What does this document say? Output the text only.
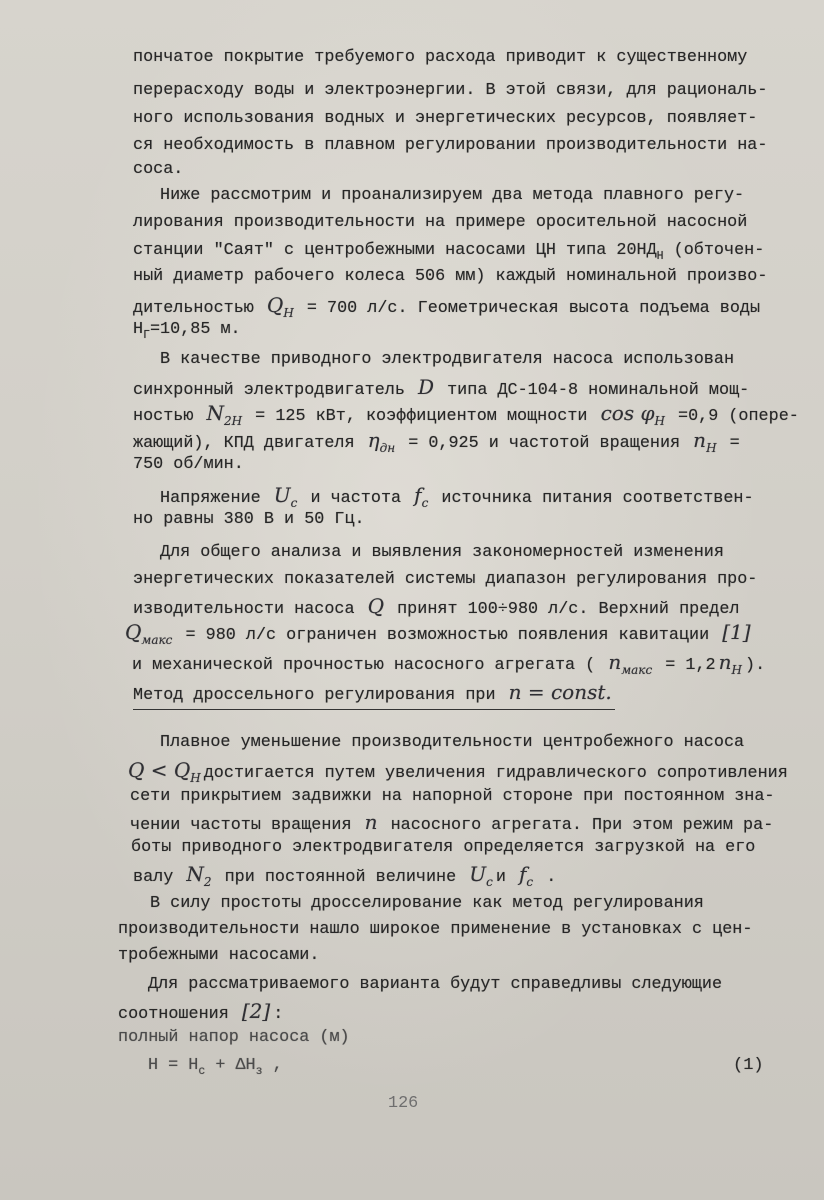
пончатое покрытие требуемого расхода приводит к существенному
перерасходу воды и электроэнергии. В этой связи, для рациональ-
ного использования водных и энергетических ресурсов, появляет-
ся необходимость в плавном регулировании производительности на-
соса.
Ниже рассмотрим и проанализируем два метода плавного регу-
лирования производительности на примере оросительной насосной
станции "Саят" с центробежными насосами ЦН типа $20НД_Н$ (обточен-
ный диаметр рабочего колеса 506 мм) каждый номинальной произво-
дительностью $Q_Н = 700$ л/с. Геометрическая высота подъема воды
$Н_Г=10,85$ м.
В качестве приводного электродвигателя насоса использован
синхронный электродвигатель D типа ДС-104-8 номинальной мощ-
ностью $N_{2Н} = 125$ кВт, коэффициентом мощности $\cos \varphi_Н =0,9$ (опере-
жающий), КПД двигателя $\eta_{дн} = 0,925$ и частотой вращения $n_Н$ =
750 об/мин.
Напряжение $U_с$ и частота $f_с$ источника питания соответствен-
но равны 380 В и 50 Гц.
Для общего анализа и выявления закономерностей изменения
энергетических показателей системы диапазон регулирования про-
изводительности насоса Q принят 100÷980 л/с. Верхний предел
$Q_{макс} = 980$ л/с ограничен возможностью появления кавитации [1]
и механической прочностью насосного агрегата ( $n_{макс} = 1,2$ $n_Н$ ).
Метод дроссельного регулирования при n = const.
Плавное уменьшение производительности центробежного насоса
$Q < Q_Н$ достигается путем увеличения гидравлического сопротивления
сети прикрытием задвижки на напорной стороне при постоянном зна-
чении частоты вращения n насосного агрегата. При этом режим ра-
боты приводного электродвигателя определяется загрузкой на его
валу $N_2$ при постоянной величине $U_с$ и $f_с$ .
В силу простоты дросселирование как метод регулирования
производительности нашло широкое применение в установках с цен-
тробежными насосами.
Для рассматриваемого варианта будут справедливы следующие
соотношения [2] :
полный напор насоса (м)
$Н = Н_с + \Delta Н_з$ ,	(1)
126
